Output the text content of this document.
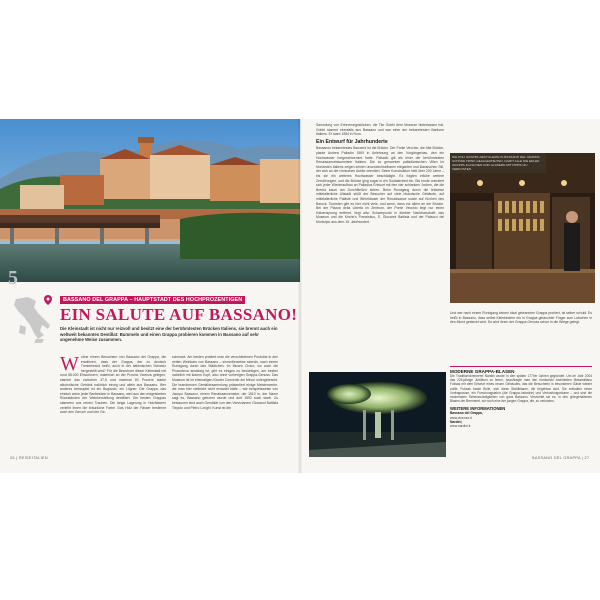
5
BASSANO DEL GRAPPA – HAUPTSTADT DES HOCHPROZENTIGEN
EIN SALUTE AUF BASSANO!
Die Kleinstadt ist nicht nur reizvoll und besitzt eine der berühmtesten Brücken Italiens, sie brennt auch ein weltweit bekanntes Destillat: Bummeln und einen Grappa probieren kommen in Bassano auf sehr angenehme Weise zusammen.
W ohne einem Besuchern von Bassano del Grappa, die erwähnen, dass der Grappa, der zu deutsch Tresterbrand heißt, auch in der italienischen Schweiz hergestellt wird? Für die Bewohner dieser Kleinstadt mit rund 58.000 Einwohnern, malerisch an der Provinz Vicenza gelegen, stammt das zwischen 37,5 und maximal 60 Prozent starke alkoholische Getränk natürlich einzig und allein aus Bassano. Wer anderes behauptet ist ein Bugiardo, ein Lügner. Die Grappa, das einfach wenn jeder Barbesitzer in Bassano, wird aus den entgeisterten Rückständen der Weinherstellung destilliert. Die besten Grappas stammen aus reinen Trauben. Die lange Lagerung in Holzfässern verleiht ihnen die bräunliche Farbe. Das Holz der Fässer bestimmt auch den Geruch und den Ge-
schmack. Am besten probiert man die verschiedenen Produkte in den netten Weinbars von Bassano – sinnvollerweise abends, nach einem Rundgang durch das Städtchen. Im Museo Civico, wo auch die Pinacoteca ansässig ist, gibt es einiges zu besichtigen, am besten natürlich mit klarem Kopf, also ohne vorherigen Grappa-Genuss. Das Museum ist im ehemaligen Kloster Convento dei Minori untergebracht. Die brandneuen Gemäldesammlung präsentiert einige Meisterwerke, die man hier vielleicht nicht erwartet hätte – wie beispielsweise von Jacopo Bassano, einem Renaissancemaler, der 1510 in, der Name sagt es, Bassano geboren wurde und dort 1592 auch starb. Zu bestaunen sind auch Gemälde von den Venezianern Giovanni Battista Tiepolo und Pietro Longhi. Kunst ist die
26 | REISEITALIEN
Sammlung von Erinnerungsstücken, die Tito Gobbi dem Museum hinterlassen hat. Gobbi stammt ebenfalls aus Bassano und war einer der bekanntesten Baritone Italiens. Er starb 1984 in Rom.
Ein Entwurf für Jahrhunderte
Bassanos bekanntestes Bauwerk ist die Brücke. Der Ponte Vecchio, die Alte Brücke, plante Andrea Palladio 1569 in Anlehnung an den Vorgängerbau, den ein Hochwasser fortgeschwemmt hatte. Palladio gilt als einer der berühmtesten Renaissancebaumeister Italiens. Die so genannten palladianischen Villen im Nordosten Italiens zeigen seinen unverwechselbaren eleganten und klassischen Stil, der sich an der römischen Antike orientiert. Seine Konstruktion hielt über 200 Jahre – bis sie ein weiteres Hochwasser beschädigte. Es folgten etliche weitere Zerstörungen, und die Brücke ging sogar in ein Soldatenlied ein. Bis heute orientiert sich jeder Wiederaufbau an Palladios Entwurf mit den vier schlanken Jochen, die die Brenta kaum am Durchfließen stören. Beim Rundgang durch die teilweise mittelalterliche Altstadt stößt der Besucher auf viele historische Gebäude, auf mittelalterliche Paläste und Wehrhäuser der Renaissance sowie auf Kirchen des Barock. Touristen gibt es hier nicht viele, und wenn, dann vor allem an der Brücke. Bei der Piazza della Libertà im Zentrum, der Ponte Vecchio liegt nur einen Katzensprung entfernt, liegt also Schwerpunkt in direkter Nachbarschaft: das Museum und die Kirche's Franziskus, S. Giovanni Battista und der Palazzo del Municipio aus dem 15. Jahrhundert.
DIE POLI GRAPPA-DESTILLERIE IN BASSANO DEL GRAPPA: SCHÖNE TRINK-GELEGENHEITEN, DAMIT ALLE DIE EDLEN GRAPPA-FLASCHEN UND GLÄSERN MIT PIPPIN ZU VERKOSTEN
Und wer nach einem Rundgang keinen lokal gebrannten Grappa probiert, ist selber schuld. Es heißt in Bassano, dass selbst Kleinkindern ein in Grappa getauchter Finger zum Lutschen in den Mund gesteckt wird. So wird ihnen der Grappa-Genuss schon in die Wiege gelegt.
MODERNE GRAPPA-BLASEN
Die Traditionsbrennerei Nardini wurde in den späten 1770er Jahren gegründet. Um im Jahr 2004 das 225-jährige Jubiläum zu feiern, beauftragte man den römischen Architekten Massimiliano Fuksas mit dem Entwurf eines neuen Gebäudes, das die Besucherin in besonderen Gäste wieder zollte. Fuksas baute Bolle, sich diese Stahlblasen, die begehbar sind. Sie enthalten einen Vortragsraum, ein Forschungslabor (die Grappa-Industrie) und Verkostungsräume – und sind die modernsten Sehenswürdigkeiten von ganz Bassano. Verzichtet sie es, in den grüngehaltenen Blasen der Brennerei, wir noch eine der jungen Grappa, die, zu verkosten.
WEITERE INFORMATIONEN
Bassano del Grappa,
www.vicenza.it
Nardini,
www.nardini.it
BASSANO DEL GRAPPA | 27
